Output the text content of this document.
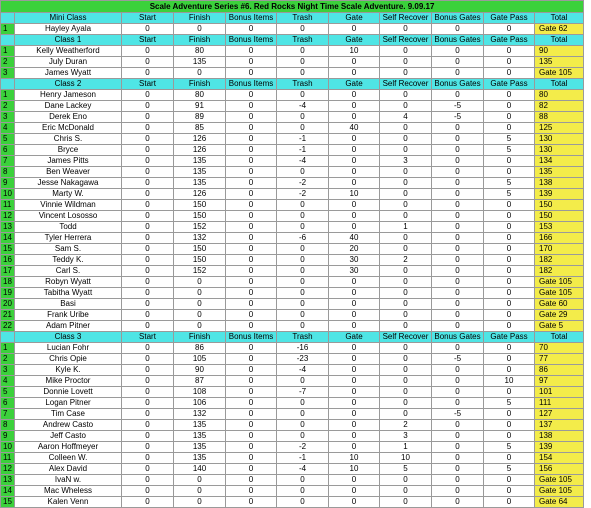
Scale Adventure Series #6. Red Rocks Night Time Scale Adventure. 9.09.17										
	Mini Class	Start	Finish	Bonus Items	Trash	Gate	Self Recover	Bonus Gates	Gate Pass	Total
1	Hayley Ayala	0	0	0	0	0	0	0	0	Gate 62
	Class 1	Start	Finish	Bonus Items	Trash	Gate	Self Recover	Bonus Gates	Gate Pass	Total
1	Kelly Weatherford	0	80	0	0	10	0	0	0	90
2	July Duran	0	135	0	0	0	0	0	0	135
3	James Wyatt	0	0	0	0	0	0	0	0	Gate 105
	Class 2	Start	Finish	Bonus Items	Trash	Gate	Self Recover	Bonus Gates	Gate Pass	Total
1	Henry Jameson	0	80	0	0	0	0	0	0	80
2	Dane Lackey	0	91	0	-4	0	0	-5	0	82
3	Derek Eno	0	89	0	0	0	4	-5	0	88
4	Eric McDonald	0	85	0	0	40	0	0	0	125
5	Chris S.	0	126	0	-1	0	0	0	5	130
6	Bryce	0	126	0	-1	0	0	0	5	130
7	James Pitts	0	135	0	-4	0	3	0	0	134
8	Ben Weaver	0	135	0	0	0	0	0	0	135
9	Jesse Nakagawa	0	135	0	-2	0	0	0	5	138
10	Marty W.	0	126	0	-2	10	0	0	5	139
11	Vinnie Wildman	0	150	0	0	0	0	0	0	150
12	Vincent Lososso	0	150	0	0	0	0	0	0	150
13	Todd	0	152	0	0	0	1	0	0	153
14	Tyler Herrera	0	132	0	-6	40	0	0	0	166
15	Sam S.	0	150	0	0	20	0	0	0	170
16	Teddy K.	0	150	0	0	30	2	0	0	182
17	Carl S.	0	152	0	0	30	0	0	0	182
18	Robyn Wyatt	0	0	0	0	0	0	0	0	Gate 105
19	Tabitha Wyatt	0	0	0	0	0	0	0	0	Gate 105
20	Basi	0	0	0	0	0	0	0	0	Gate 60
21	Frank Uribe	0	0	0	0	0	0	0	0	Gate 29
22	Adam Pitner	0	0	0	0	0	0	0	0	Gate 5
	Class 3	Start	Finish	Bonus Items	Trash	Gate	Self Recover	Bonus Gates	Gate Pass	Total
1	Lucian Fohr	0	86	0	-16	0	0	0	0	70
2	Chris Opie	0	105	0	-23	0	0	-5	0	77
3	Kyle K.	0	90	0	-4	0	0	0	0	86
4	Mike Proctor	0	87	0	0	0	0	0	10	97
5	Donnie Lovett	0	108	0	-7	0	0	0	0	101
6	Logan Pitner	0	106	0	0	0	0	0	5	111
7	Tim Case	0	132	0	0	0	0	-5	0	127
8	Andrew Casto	0	135	0	0	0	2	0	0	137
9	Jeff Casto	0	135	0	0	0	3	0	0	138
10	Aaron Hoffmeyer	0	135	0	-2	0	1	0	5	139
11	Colleen W.	0	135	0	-1	10	10	0	0	154
12	Alex David	0	140	0	-4	10	5	0	5	156
13	IvaN w.	0	0	0	0	0	0	0	0	Gate 105
14	Mac Wheless	0	0	0	0	0	0	0	0	Gate 105
15	Kalen Venn	0	0	0	0	0	0	0	0	Gate 64
